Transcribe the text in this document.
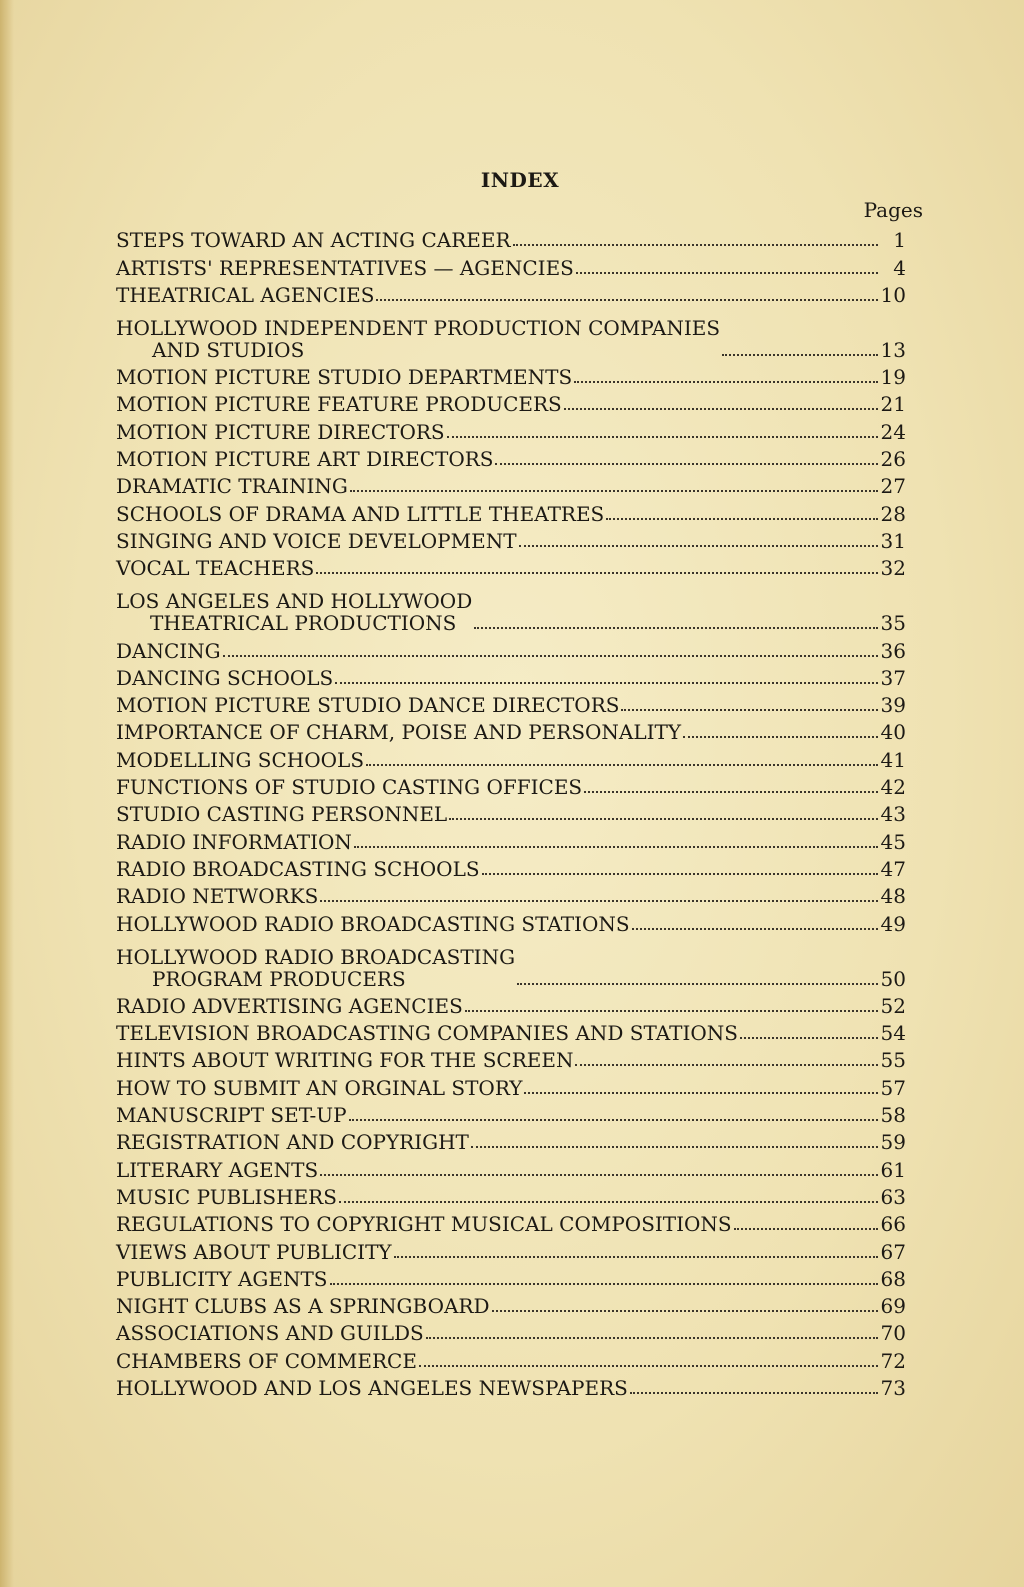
INDEX
Pages
STEPS TOWARD AN ACTING CAREER	1
ARTISTS' REPRESENTATIVES — AGENCIES	4
THEATRICAL AGENCIES	10
HOLLYWOOD INDEPENDENT PRODUCTION COMPANIES
AND STUDIOS	13
MOTION PICTURE STUDIO DEPARTMENTS	19
MOTION PICTURE FEATURE PRODUCERS	21
MOTION PICTURE DIRECTORS	24
MOTION PICTURE ART DIRECTORS	26
DRAMATIC TRAINING	27
SCHOOLS OF DRAMA AND LITTLE THEATRES	28
SINGING AND VOICE DEVELOPMENT	31
VOCAL TEACHERS	32
LOS ANGELES AND HOLLYWOOD
THEATRICAL PRODUCTIONS	35
DANCING	36
DANCING SCHOOLS	37
MOTION PICTURE STUDIO DANCE DIRECTORS	39
IMPORTANCE OF CHARM, POISE AND PERSONALITY	40
MODELLING SCHOOLS	41
FUNCTIONS OF STUDIO CASTING OFFICES	42
STUDIO CASTING PERSONNEL	43
RADIO INFORMATION	45
RADIO BROADCASTING SCHOOLS	47
RADIO NETWORKS	48
HOLLYWOOD RADIO BROADCASTING STATIONS	49
HOLLYWOOD RADIO BROADCASTING
PROGRAM PRODUCERS	50
RADIO ADVERTISING AGENCIES	52
TELEVISION BROADCASTING COMPANIES AND STATIONS	54
HINTS ABOUT WRITING FOR THE SCREEN	55
HOW TO SUBMIT AN ORGINAL STORY	57
MANUSCRIPT SET-UP	58
REGISTRATION AND COPYRIGHT	59
LITERARY AGENTS	61
MUSIC PUBLISHERS	63
REGULATIONS TO COPYRIGHT MUSICAL COMPOSITIONS	66
VIEWS ABOUT PUBLICITY	67
PUBLICITY AGENTS	68
NIGHT CLUBS AS A SPRINGBOARD	69
ASSOCIATIONS AND GUILDS	70
CHAMBERS OF COMMERCE	72
HOLLYWOOD AND LOS ANGELES NEWSPAPERS	73
